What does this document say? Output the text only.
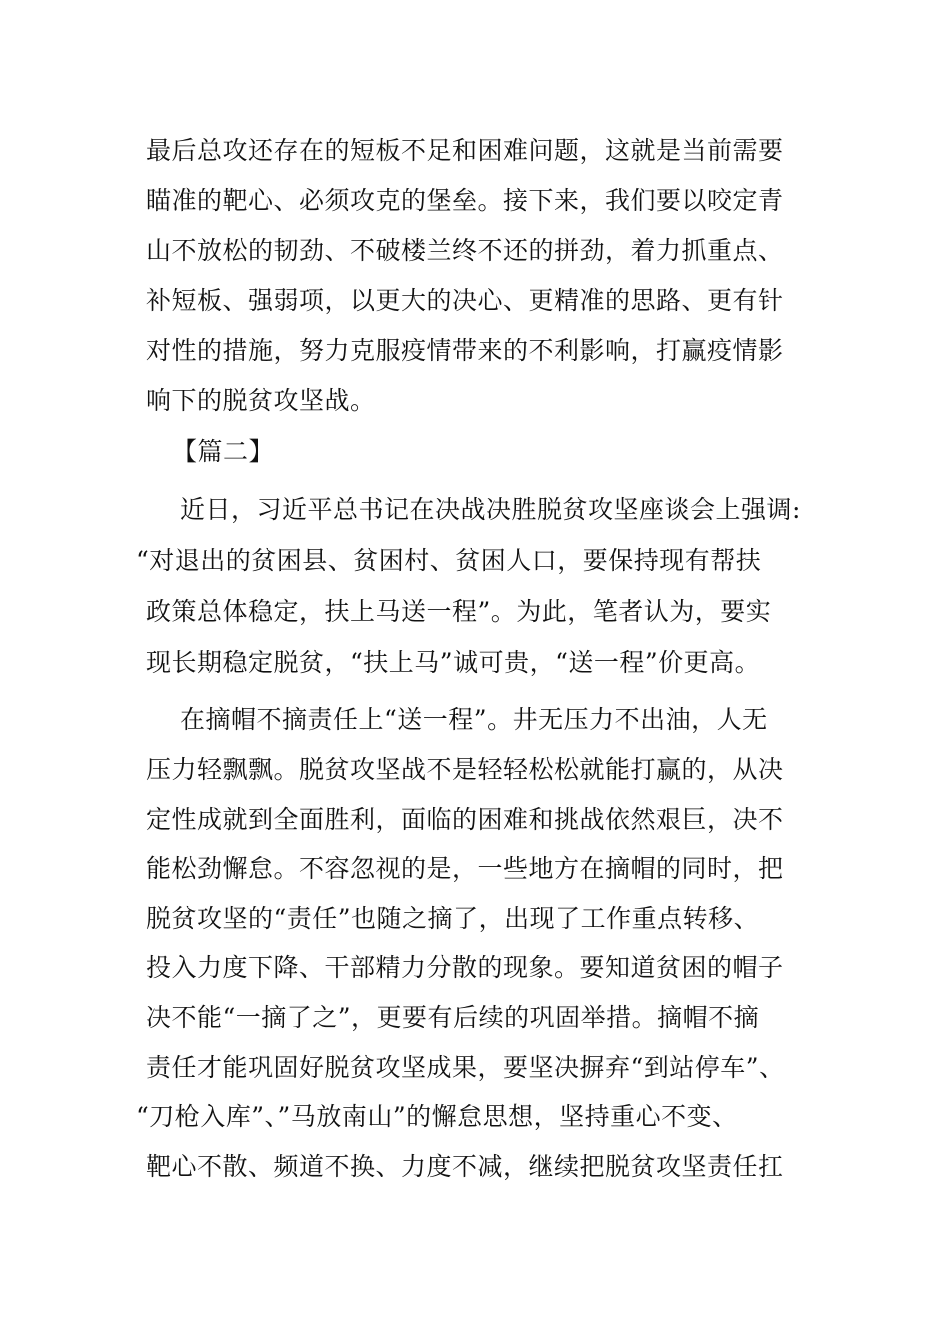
最后总攻还存在的短板不足和困难问题，这就是当前需要
瞄准的靶心、必须攻克的堡垒。接下来，我们要以咬定青
山不放松的韧劲、不破楼兰终不还的拼劲，着力抓重点、
补短板、强弱项，以更大的决心、更精准的思路、更有针
对性的措施，努力克服疫情带来的不利影响，打赢疫情影
响下的脱贫攻坚战。
【篇二】
近日，习近平总书记在决战决胜脱贫攻坚座谈会上强调:
“对退出的贫困县、贫困村、贫困人口，要保持现有帮扶
政策总体稳定，扶上马送一程”。为此，笔者认为，要实
现长期稳定脱贫，“扶上马”诚可贵，“送一程”价更高。
在摘帽不摘责任上“送一程”。井无压力不出油，人无
压力轻飘飘。脱贫攻坚战不是轻轻松松就能打赢的，从决
定性成就到全面胜利，面临的困难和挑战依然艰巨，决不
能松劲懈怠。不容忽视的是，一些地方在摘帽的同时，把
脱贫攻坚的“责任”也随之摘了，出现了工作重点转移、
投入力度下降、干部精力分散的现象。要知道贫困的帽子
决不能“一摘了之”，更要有后续的巩固举措。摘帽不摘
责任才能巩固好脱贫攻坚成果，要坚决摒弃“到站停车”、
“刀枪入库”、”马放南山”的懈怠思想，坚持重心不变、
靶心不散、频道不换、力度不减，继续把脱贫攻坚责任扛
